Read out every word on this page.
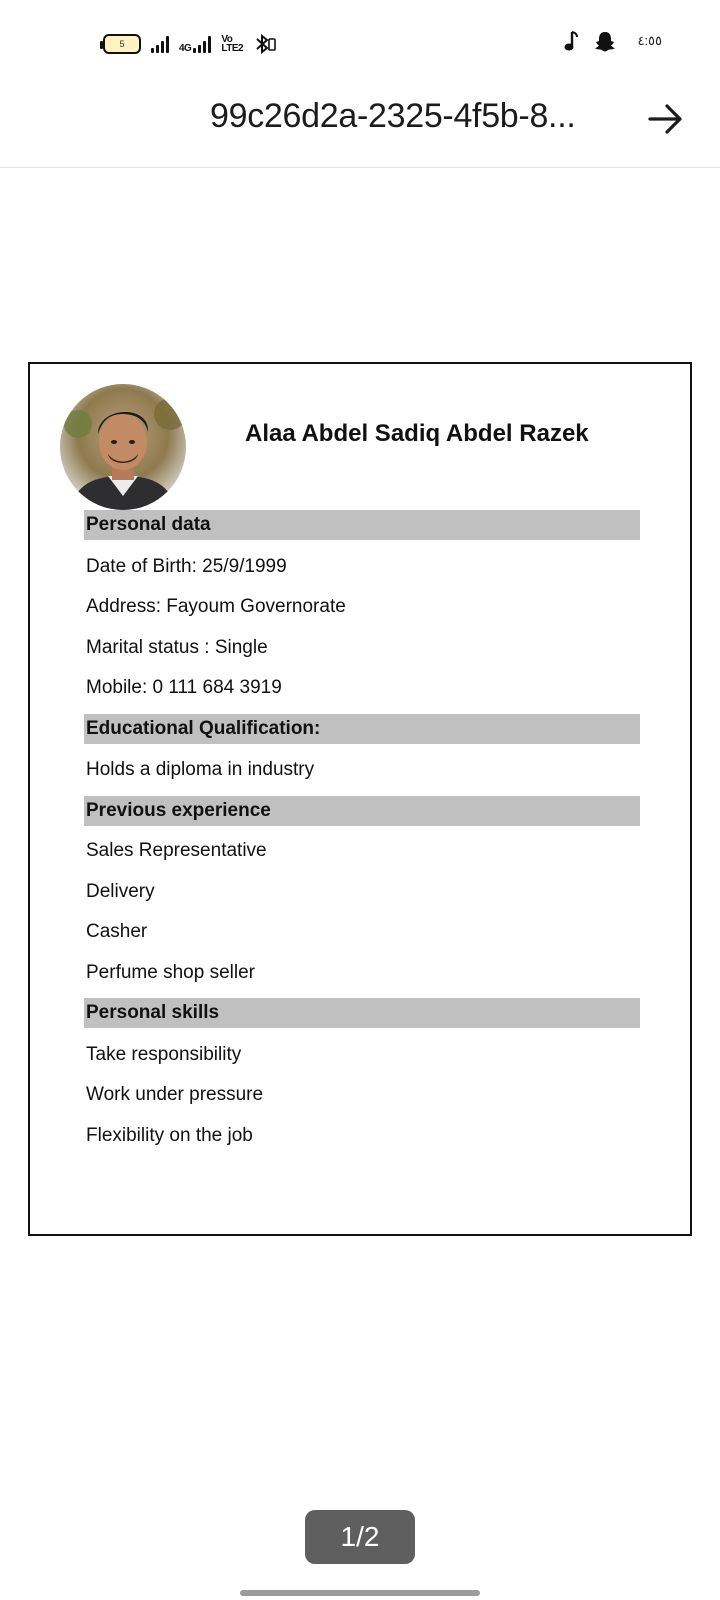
5	4G
Vo
LTE2
٤:٥٥
99c26d2a-2325-4f5b-8...
Alaa Abdel Sadiq Abdel Razek
Personal data
Date of Birth: 25/9/1999
Address: Fayoum Governorate
Marital status : Single
Mobile: 0 111 684 3919
Educational Qualification:
Holds a diploma in industry
Previous experience
Sales Representative
Delivery
Casher
Perfume shop seller
Personal skills
Take responsibility
Work under pressure
Flexibility on the job
1/2
